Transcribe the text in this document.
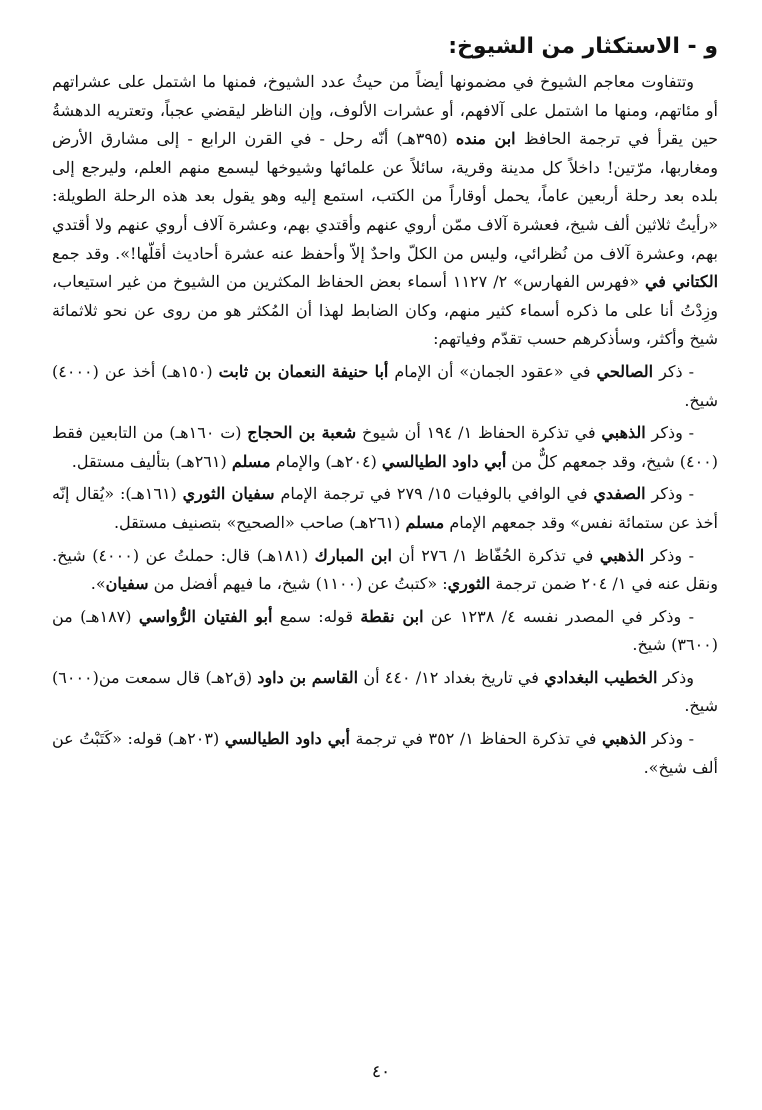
و - الاستكثار من الشيوخ:

وتتفاوت معاجم الشيوخ في مضمونها أيضاً من حيثُ عدد الشيوخ، فمنها ما اشتمل على عشراتهم أو مئاتهم، ومنها ما اشتمل على آلافهم، أو عشرات الألوف، وإن الناظر ليقضي عجباً، وتعتريه الدهشةُ حين يقرأ في ترجمة الحافظ ابن منده (٣٩٥هـ) أنّه رحل - في القرن الرابع - إلى مشارق الأرض ومغاربها، مرّتين! داخلاً كل مدينة وقرية، سائلاً عن علمائها وشيوخها ليسمع منهم العلم، وليرجع إلى بلده بعد رحلة أربعين عاماً، يحمل أوقاراً من الكتب، استمع إليه وهو يقول بعد هذه الرحلة الطويلة: «رأيتُ ثلاثين ألف شيخ، فعشرة آلاف ممّن أروي عنهم وأقتدي بهم، وعشرة آلاف أروي عنهم ولا أقتدي بهم، وعشرة آلاف من نُظرائي، وليس من الكلّ واحدٌ إلاّ وأحفظ عنه عشرة أحاديث أقلّها!». وقد جمع الكتاني في «فهرس الفهارس» ٢/ ١١٢٧ أسماء بعض الحفاظ المكثرين من الشيوخ من غير استيعاب، وزِدْتُ أنا على ما ذكره أسماء كثير منهم، وكان الضابط لهذا أن المُكثر هو من روى عن نحو ثلاثمائة شيخ وأكثر، وسأذكرهم حسب تقدّم وفياتهم:

- ذكر الصالحي في «عقود الجمان» أن الإمام أبا حنيفة النعمان بن ثابت (١٥٠هـ) أخذ عن (٤٠٠٠) شيخ.

- وذكر الذهبي في تذكرة الحفاظ ١/ ١٩٤ أن شيوخ شعبة بن الحجاج (ت ١٦٠هـ) من التابعين فقط (٤٠٠) شيخ، وقد جمعهم كلٌّ من أبي داود الطيالسي (٢٠٤هـ) والإمام مسلم (٢٦١هـ) بتأليف مستقل.

- وذكر الصفدي في الوافي بالوفيات ١٥/ ٢٧٩ في ترجمة الإمام سفيان الثوري (١٦١هـ): «يُقال إنّه أخذ عن ستمائة نفس» وقد جمعهم الإمام مسلم (٢٦١هـ) صاحب «الصحيح» بتصنيف مستقل.

- وذكر الذهبي في تذكرة الحُفّاظ ١/ ٢٧٦ أن ابن المبارك (١٨١هـ) قال: حملتُ عن (٤٠٠٠) شيخ. ونقل عنه في ١/ ٢٠٤ ضمن ترجمة الثوري: «كتبتُ عن (١١٠٠) شيخ، ما فيهم أفضل من سفيان».

- وذكر في المصدر نفسه ٤/ ١٢٣٨ عن ابن نقطة قوله: سمع أبو الفتيان الرُّواسي (١٨٧هـ) من (٣٦٠٠) شيخ.

وذكر الخطيب البغدادي في تاريخ بغداد ١٢/ ٤٤٠ أن القاسم بن داود (ق٢هـ) قال سمعت من(٦٠٠٠) شيخ.

- وذكر الذهبي في تذكرة الحفاظ ١/ ٣٥٢ في ترجمة أبي داود الطيالسي (٢٠٣هـ) قوله: «كَتَبْتُ عن ألف شيخ».

٤٠
